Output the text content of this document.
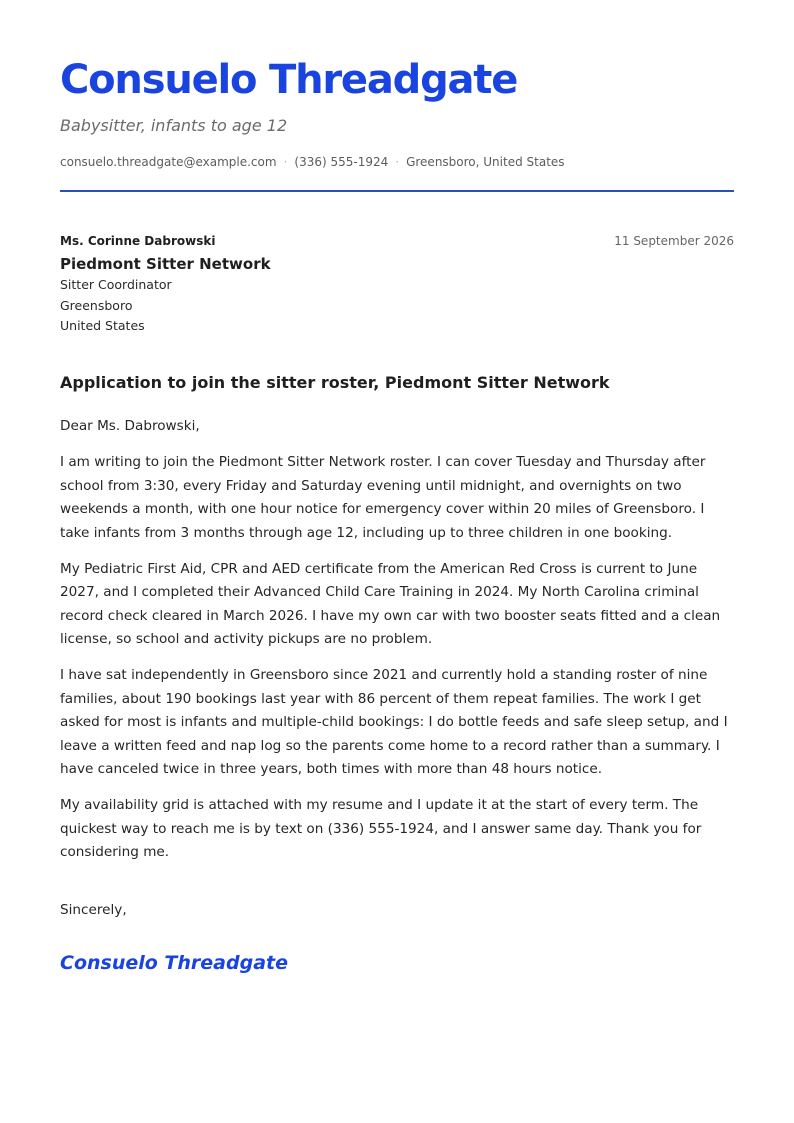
Consuelo Threadgate
Babysitter, infants to age 12
consuelo.threadgate@example.com · (336) 555-1924 · Greensboro, United States
Ms. Corinne Dabrowski	11 September 2026
Piedmont Sitter Network
Sitter Coordinator
Greensboro
United States
Application to join the sitter roster, Piedmont Sitter Network

Dear Ms. Dabrowski,

I am writing to join the Piedmont Sitter Network roster. I can cover Tuesday and Thursday after school from 3:30, every Friday and Saturday evening until midnight, and overnights on two weekends a month, with one hour notice for emergency cover within 20 miles of Greensboro. I take infants from 3 months through age 12, including up to three children in one booking.

My Pediatric First Aid, CPR and AED certificate from the American Red Cross is current to June 2027, and I completed their Advanced Child Care Training in 2024. My North Carolina criminal record check cleared in March 2026. I have my own car with two booster seats fitted and a clean license, so school and activity pickups are no problem.

I have sat independently in Greensboro since 2021 and currently hold a standing roster of nine families, about 190 bookings last year with 86 percent of them repeat families. The work I get asked for most is infants and multiple-child bookings: I do bottle feeds and safe sleep setup, and I leave a written feed and nap log so the parents come home to a record rather than a summary. I have canceled twice in three years, both times with more than 48 hours notice.

My availability grid is attached with my resume and I update it at the start of every term. The quickest way to reach me is by text on (336) 555-1924, and I answer same day. Thank you for considering me.

Sincerely,
Consuelo Threadgate
